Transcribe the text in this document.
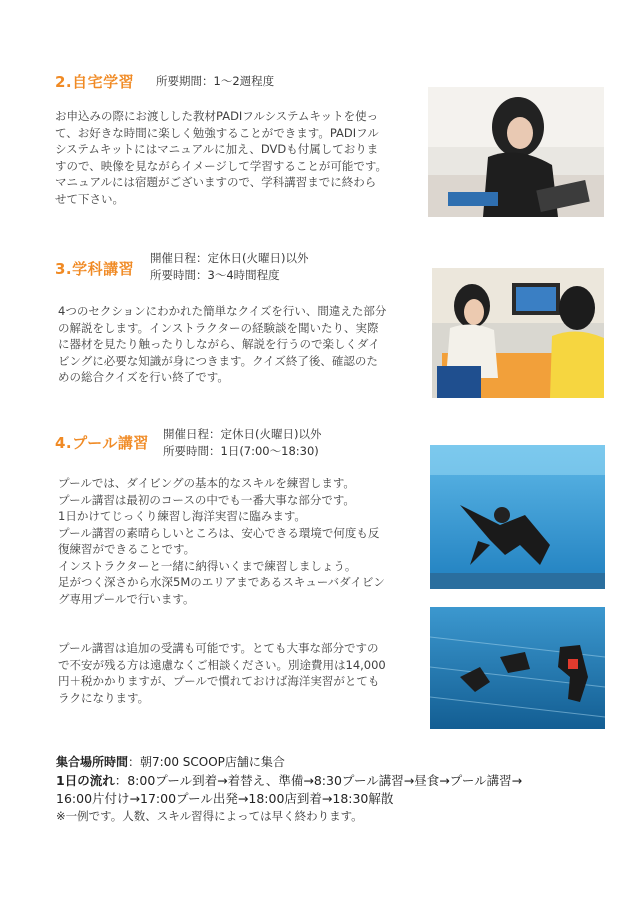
2.自宅学習 所要期間：1～2週程度
お申込みの際にお渡しした教材PADIフルシステムキットを使っ
て、お好きな時間に楽しく勉強することができます。PADIフル
システムキットにはマニュアルに加え、DVDも付属しておりま
すので、映像を見ながらイメージして学習することが可能です。
マニュアルには宿題がございますので、学科講習までに終わら
せて下さい。
3.学科講習
開催日程：定休日(火曜日)以外
所要時間：3～4時間程度
4つのセクションにわかれた簡単なクイズを行い、間違えた部分
の解説をします。インストラクターの経験談を聞いたり、実際
に器材を見たり触ったりしながら、解説を行うので楽しくダイ
ビングに必要な知識が身につきます。クイズ終了後、確認のた
めの総合クイズを行い終了です。
4.プール講習 開催日程：定休日(火曜日)以外
所要時間：1日(7:00～18:30)
プールでは、ダイビングの基本的なスキルを練習します。
プール講習は最初のコースの中でも一番大事な部分です。
1日かけてじっくり練習し海洋実習に臨みます。
プール講習の素晴らしいところは、安心できる環境で何度も反
復練習ができることです。
インストラクターと一緒に納得いくまで練習しましょう。
足がつく深さから水深5Mのエリアまであるスキューバダイビン
グ専用プールで行います。
プール講習は追加の受講も可能です。とても大事な部分ですの
で不安が残る方は遠慮なくご相談ください。別途費用は14,000
円＋税かかりますが、プールで慣れておけば海洋実習がとても
ラクになります。
集合場所時間：朝7:00 SCOOP店舗に集合
1日の流れ：8:00プール到着→着替え、準備→8:30プール講習→昼食→プール講習→
16:00片付け→17:00プール出発→18:00店到着→18:30解散
※一例です。人数、スキル習得によっては早く終わります。
